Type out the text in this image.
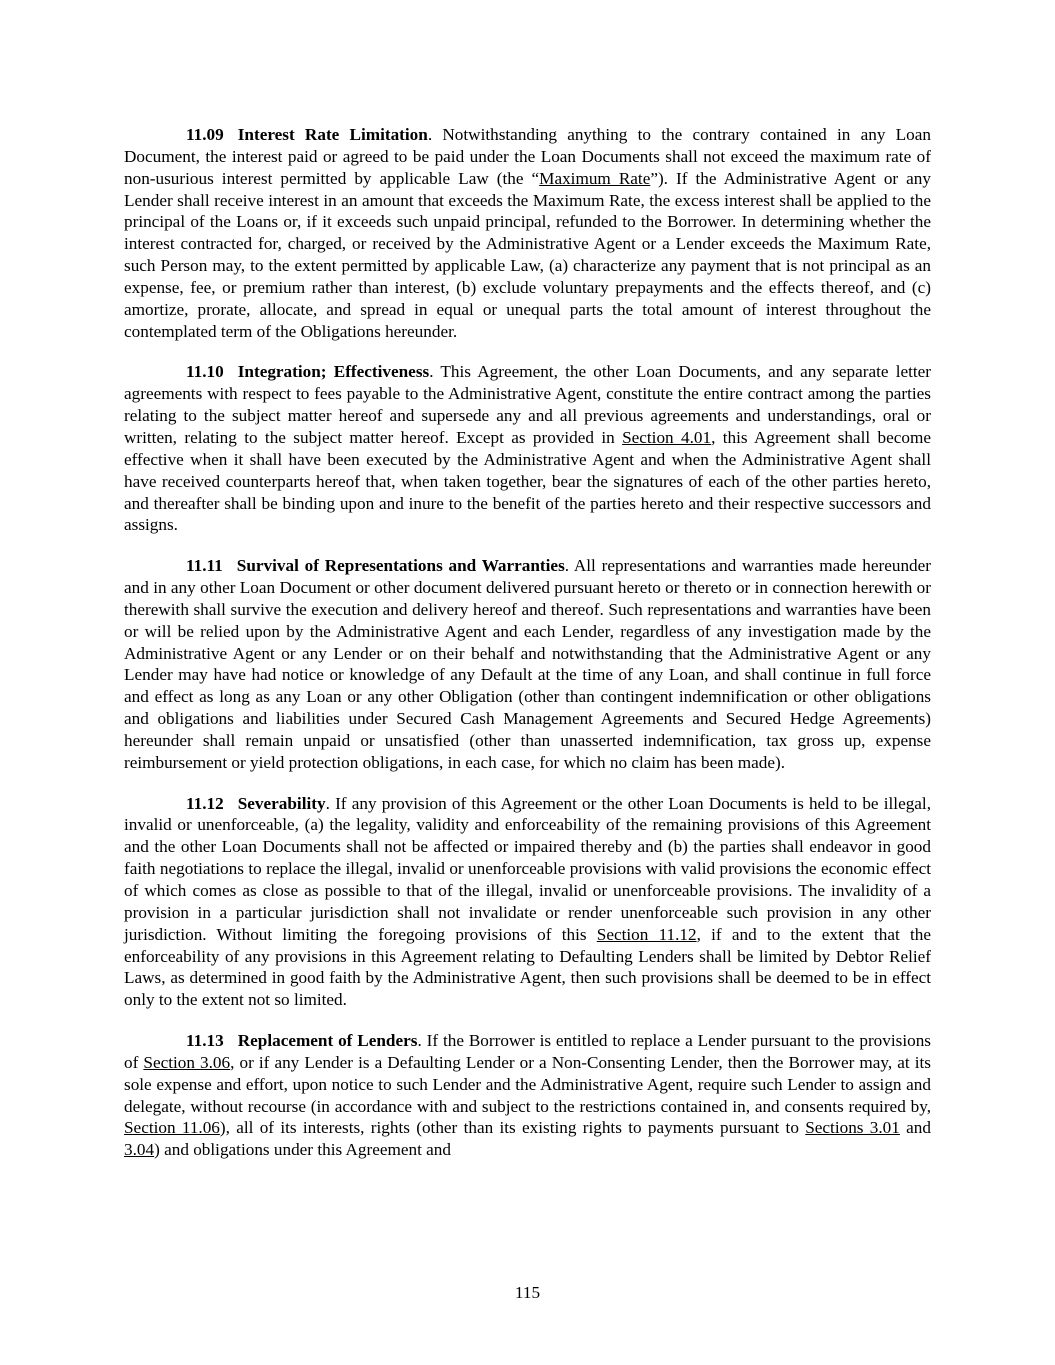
11.09 Interest Rate Limitation. Notwithstanding anything to the contrary contained in any Loan Document, the interest paid or agreed to be paid under the Loan Documents shall not exceed the maximum rate of non-usurious interest permitted by applicable Law (the “Maximum Rate”). If the Administrative Agent or any Lender shall receive interest in an amount that exceeds the Maximum Rate, the excess interest shall be applied to the principal of the Loans or, if it exceeds such unpaid principal, refunded to the Borrower. In determining whether the interest contracted for, charged, or received by the Administrative Agent or a Lender exceeds the Maximum Rate, such Person may, to the extent permitted by applicable Law, (a) characterize any payment that is not principal as an expense, fee, or premium rather than interest, (b) exclude voluntary prepayments and the effects thereof, and (c) amortize, prorate, allocate, and spread in equal or unequal parts the total amount of interest throughout the contemplated term of the Obligations hereunder.

11.10 Integration; Effectiveness. This Agreement, the other Loan Documents, and any separate letter agreements with respect to fees payable to the Administrative Agent, constitute the entire contract among the parties relating to the subject matter hereof and supersede any and all previous agreements and understandings, oral or written, relating to the subject matter hereof. Except as provided in Section 4.01, this Agreement shall become effective when it shall have been executed by the Administrative Agent and when the Administrative Agent shall have received counterparts hereof that, when taken together, bear the signatures of each of the other parties hereto, and thereafter shall be binding upon and inure to the benefit of the parties hereto and their respective successors and assigns.

11.11 Survival of Representations and Warranties. All representations and warranties made hereunder and in any other Loan Document or other document delivered pursuant hereto or thereto or in connection herewith or therewith shall survive the execution and delivery hereof and thereof. Such representations and warranties have been or will be relied upon by the Administrative Agent and each Lender, regardless of any investigation made by the Administrative Agent or any Lender or on their behalf and notwithstanding that the Administrative Agent or any Lender may have had notice or knowledge of any Default at the time of any Loan, and shall continue in full force and effect as long as any Loan or any other Obligation (other than contingent indemnification or other obligations and obligations and liabilities under Secured Cash Management Agreements and Secured Hedge Agreements) hereunder shall remain unpaid or unsatisfied (other than unasserted indemnification, tax gross up, expense reimbursement or yield protection obligations, in each case, for which no claim has been made).

11.12 Severability. If any provision of this Agreement or the other Loan Documents is held to be illegal, invalid or unenforceable, (a) the legality, validity and enforceability of the remaining provisions of this Agreement and the other Loan Documents shall not be affected or impaired thereby and (b) the parties shall endeavor in good faith negotiations to replace the illegal, invalid or unenforceable provisions with valid provisions the economic effect of which comes as close as possible to that of the illegal, invalid or unenforceable provisions. The invalidity of a provision in a particular jurisdiction shall not invalidate or render unenforceable such provision in any other jurisdiction. Without limiting the foregoing provisions of this Section 11.12, if and to the extent that the enforceability of any provisions in this Agreement relating to Defaulting Lenders shall be limited by Debtor Relief Laws, as determined in good faith by the Administrative Agent, then such provisions shall be deemed to be in effect only to the extent not so limited.

11.13 Replacement of Lenders. If the Borrower is entitled to replace a Lender pursuant to the provisions of Section 3.06, or if any Lender is a Defaulting Lender or a Non-Consenting Lender, then the Borrower may, at its sole expense and effort, upon notice to such Lender and the Administrative Agent, require such Lender to assign and delegate, without recourse (in accordance with and subject to the restrictions contained in, and consents required by, Section 11.06), all of its interests, rights (other than its existing rights to payments pursuant to Sections 3.01 and 3.04) and obligations under this Agreement and

115
